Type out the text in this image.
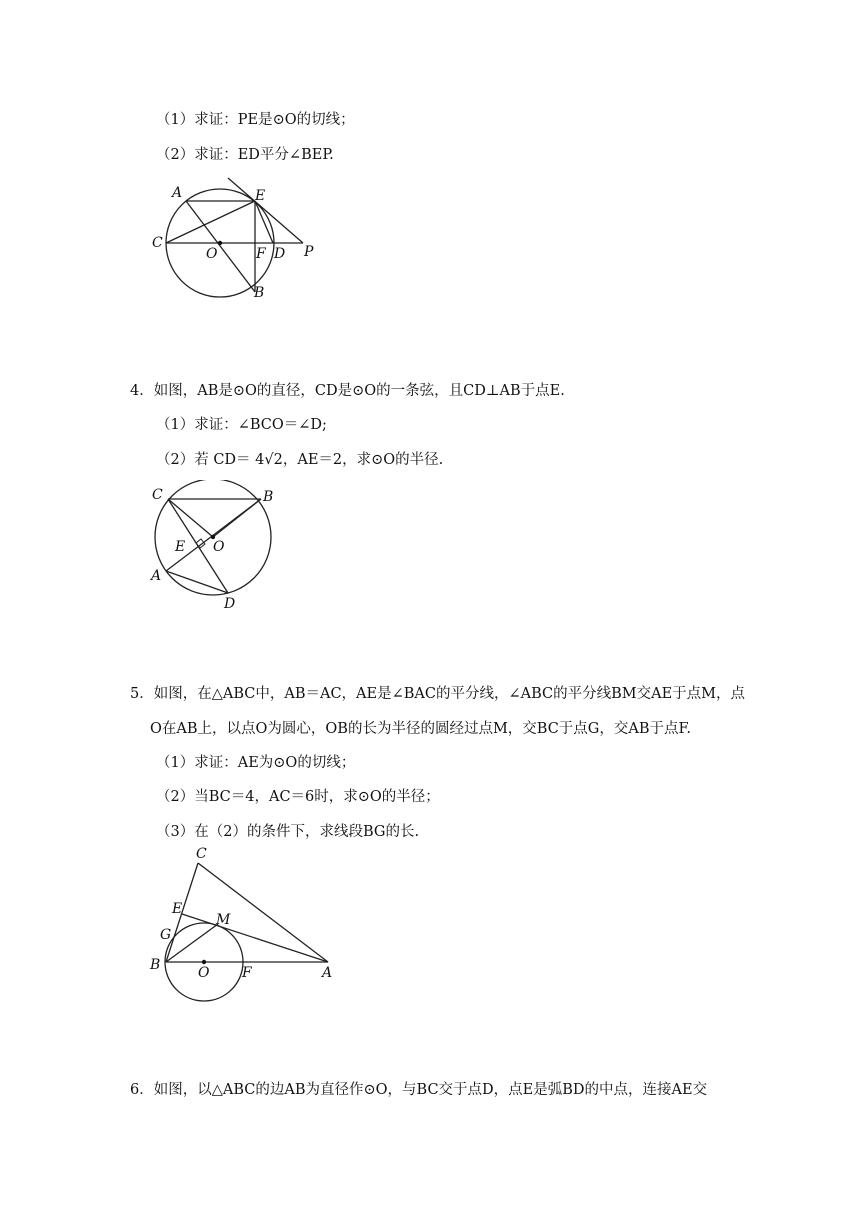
（1）求证：PE是⊙O的切线；
（2）求证：ED平分∠BEP.
A	E
C
O	F D P
B
4．如图，AB是⊙O的直径，CD是⊙O的一条弦，且CD⊥AB于点E.
（1）求证：∠BCO＝∠D;
（2）若 CD＝ 4√2，AE＝2，求⊙O的半径.
C	B
E O
A
D
5．如图，在△ABC中，AB＝AC，AE是∠BAC的平分线，∠ABC的平分线BM交AE于点M，点
O在AB上，以点O为圆心，OB的长为半径的圆经过点M，交BC于点G，交AB于点F.
（1）求证：AE为⊙O的切线；
（2）当BC＝4，AC＝6时，求⊙O的半径；
（3）在（2）的条件下，求线段BG的长.
C
E
M
G
B	O F	A
6．如图，以△ABC的边AB为直径作⊙O，与BC交于点D，点E是弧BD的中点，连接AE交
